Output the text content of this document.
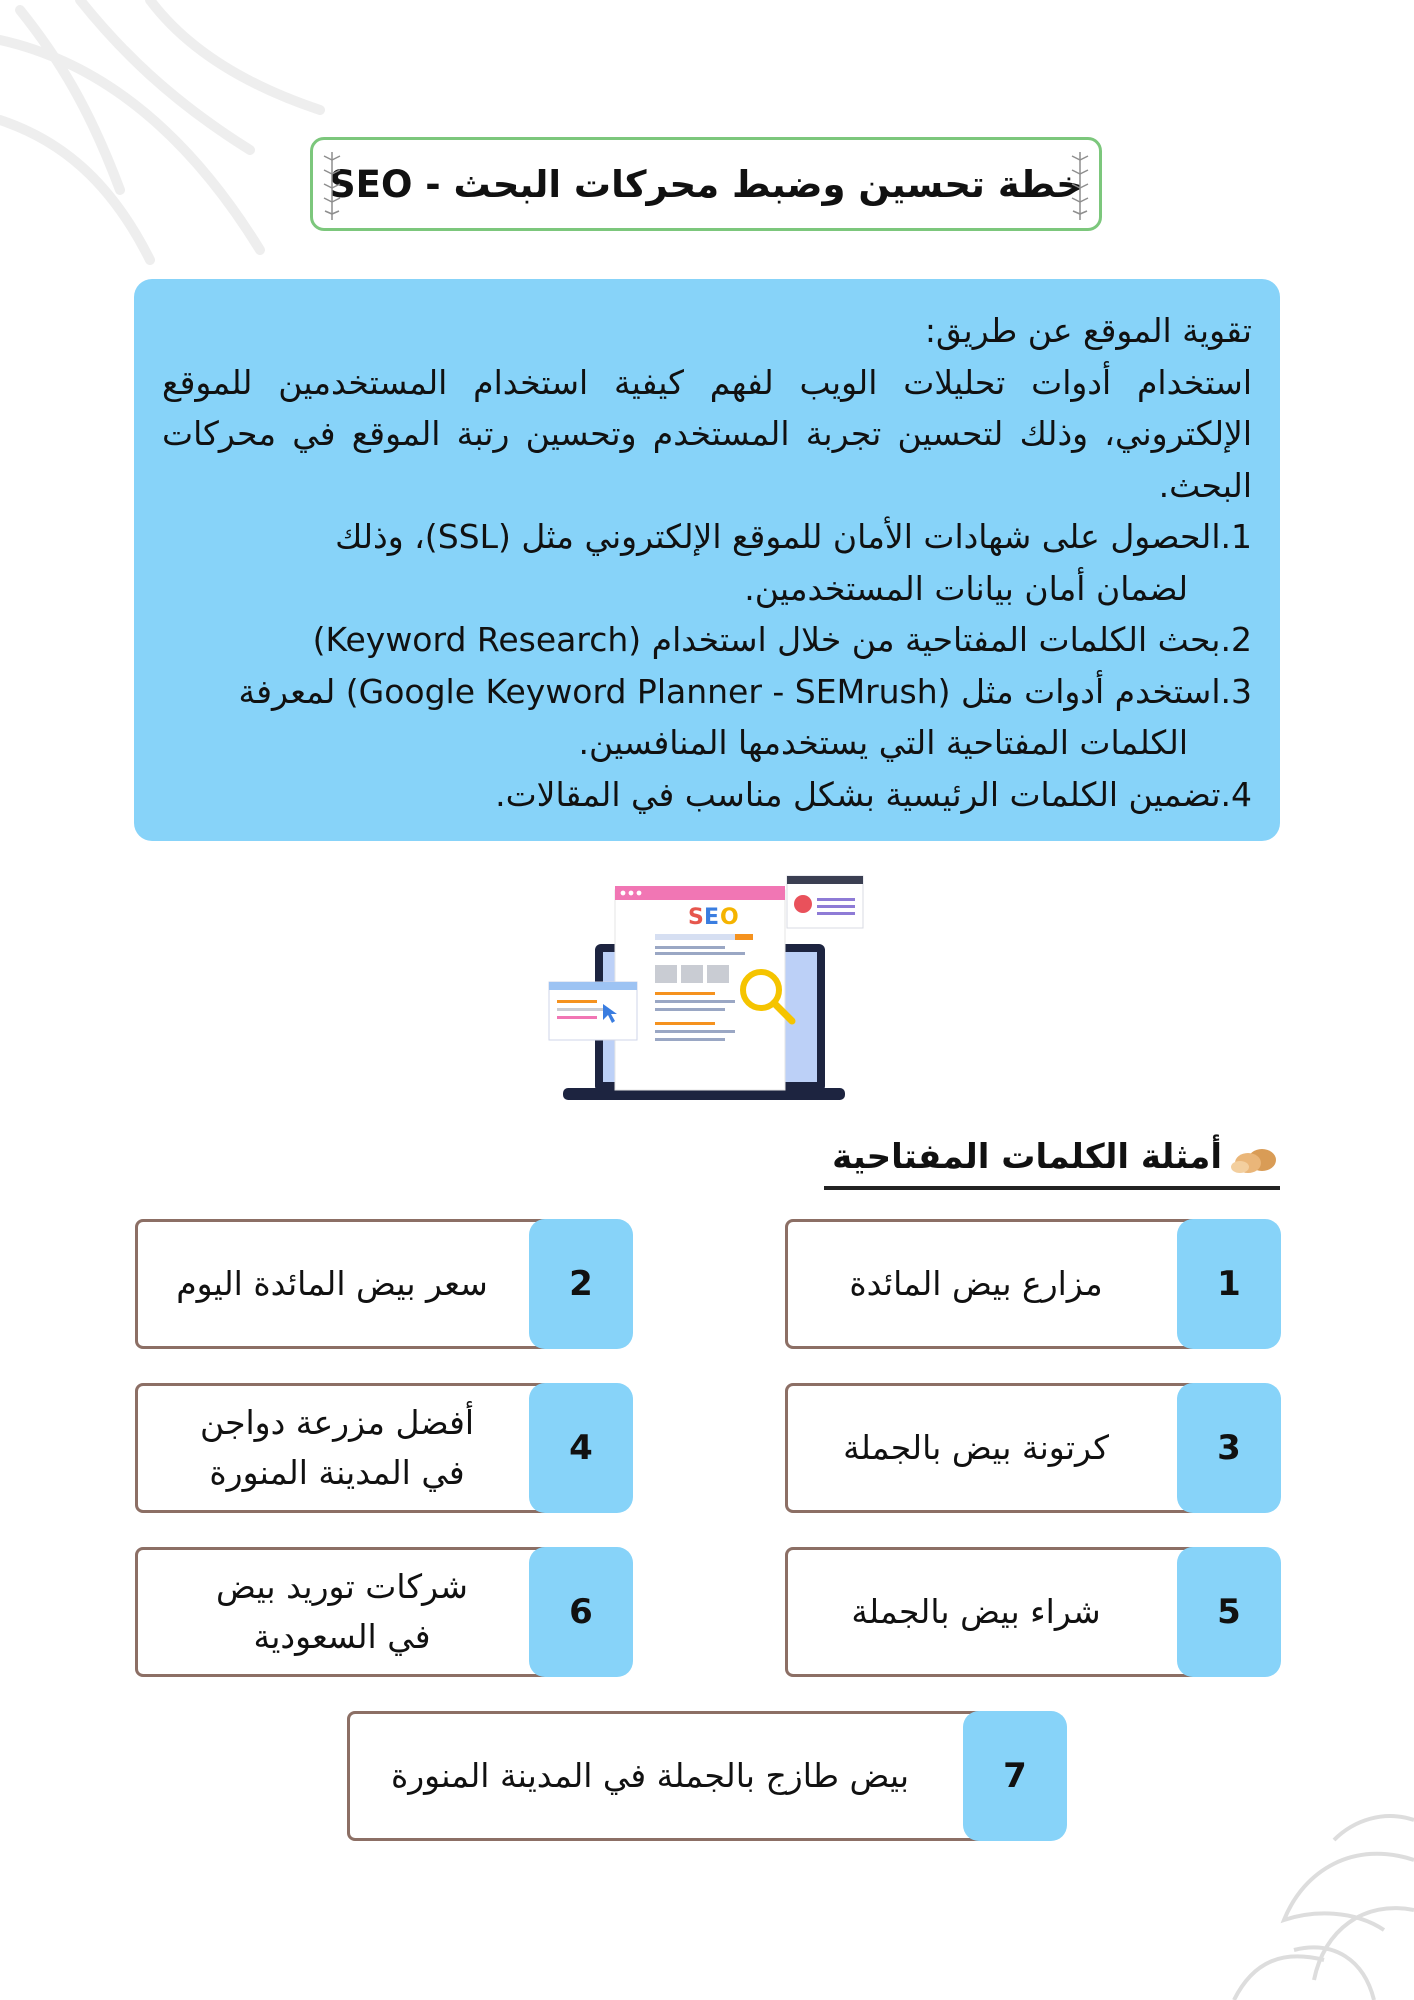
خطة تحسين وضبط محركات البحث - SEO

تقوية الموقع عن طريق:

استخدام أدوات تحليلات الويب لفهم كيفية استخدام المستخدمين للموقع الإلكتروني، وذلك لتحسين تجربة المستخدم وتحسين رتبة الموقع في محركات البحث.

1.الحصول على شهادات الأمان للموقع الإلكتروني مثل (SSL)، وذلك
لضمان أمان بيانات المستخدمين.
2.بحث الكلمات المفتاحية من خلال استخدام (Keyword Research)
3.استخدم أدوات مثل (Google Keyword Planner - SEMrush) لمعرفة
الكلمات المفتاحية التي يستخدمها المنافسين.
4.تضمين الكلمات الرئيسية بشكل مناسب في المقالات.
S E O
أمثلة الكلمات المفتاحية
1
مزارع بيض المائدة
2
سعر بيض المائدة اليوم
3
كرتونة بيض بالجملة
4
أفضل مزرعة دواجن في المدينة المنورة
5
شراء بيض بالجملة
6
شركات توريد بيض في السعودية
7
بيض طازج بالجملة في المدينة المنورة
